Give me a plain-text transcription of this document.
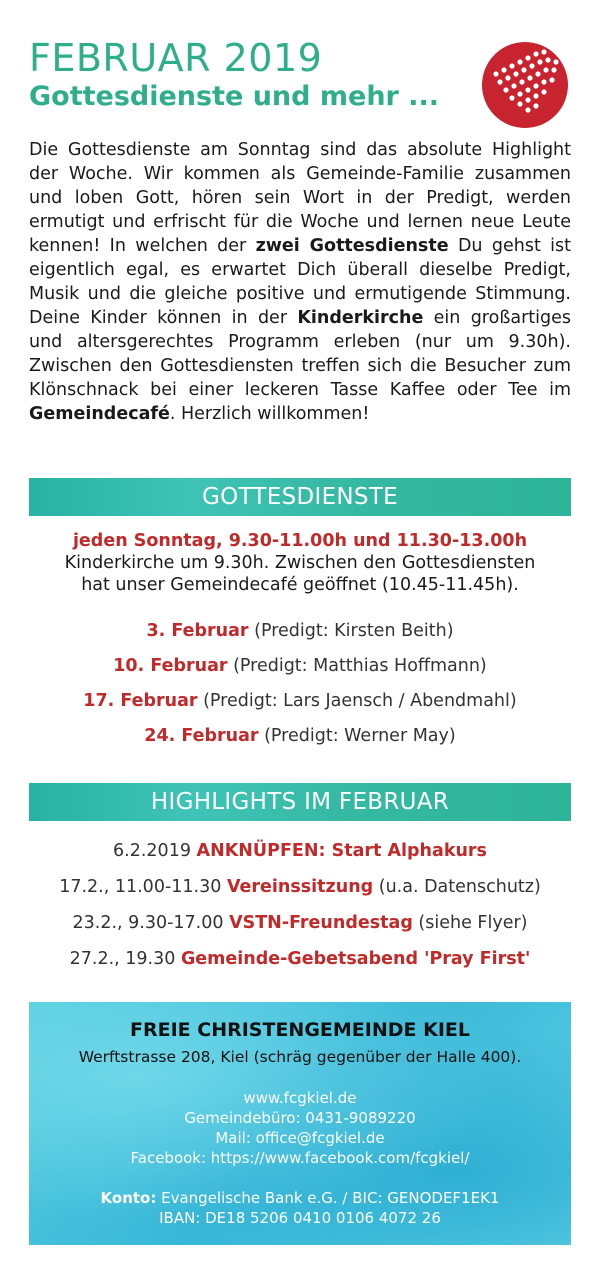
FEBRUAR 2019
Gottesdienste und mehr ...
Die Gottesdienste am Sonntag sind das absolute Highlight der Woche. Wir kommen als Gemeinde-Familie zusammen und loben Gott, hören sein Wort in der Predigt, werden ermutigt und erfrischt für die Woche und lernen neue Leute kennen! In welchen der zwei Gottesdienste Du gehst ist eigentlich egal, es erwartet Dich überall dieselbe Predigt, Musik und die gleiche positive und ermutigende Stimmung. Deine Kinder können in der Kinderkirche ein großartiges und altersgerechtes Programm erleben (nur um 9.30h). Zwischen den Gottesdiensten treffen sich die Besucher zum Klönschnack bei einer leckeren Tasse Kaffee oder Tee im Gemeindecafé. Herzlich willkommen!
GOTTESDIENSTE
jeden Sonntag, 9.30-11.00h und 11.30-13.00h
Kinderkirche um 9.30h. Zwischen den Gottesdiensten
hat unser Gemeindecafé geöffnet (10.45-11.45h).
3. Februar (Predigt: Kirsten Beith)
10. Februar (Predigt: Matthias Hoffmann)
17. Februar (Predigt: Lars Jaensch / Abendmahl)
24. Februar (Predigt: Werner May)
HIGHLIGHTS IM FEBRUAR
6.2.2019 ANKNÜPFEN: Start Alphakurs
17.2., 11.00-11.30 Vereinssitzung (u.a. Datenschutz)
23.2., 9.30-17.00 VSTN-Freundestag (siehe Flyer)
27.2., 19.30 Gemeinde-Gebetsabend 'Pray First'
FREIE CHRISTENGEMEINDE KIEL
Werftstrasse 208, Kiel (schräg gegenüber der Halle 400).
www.fcgkiel.de
Gemeindebüro: 0431-9089220
Mail: office@fcgkiel.de
Facebook: https://www.facebook.com/fcgkiel/
Konto: Evangelische Bank e.G. / BIC: GENODEF1EK1
IBAN: DE18 5206 0410 0106 4072 26
